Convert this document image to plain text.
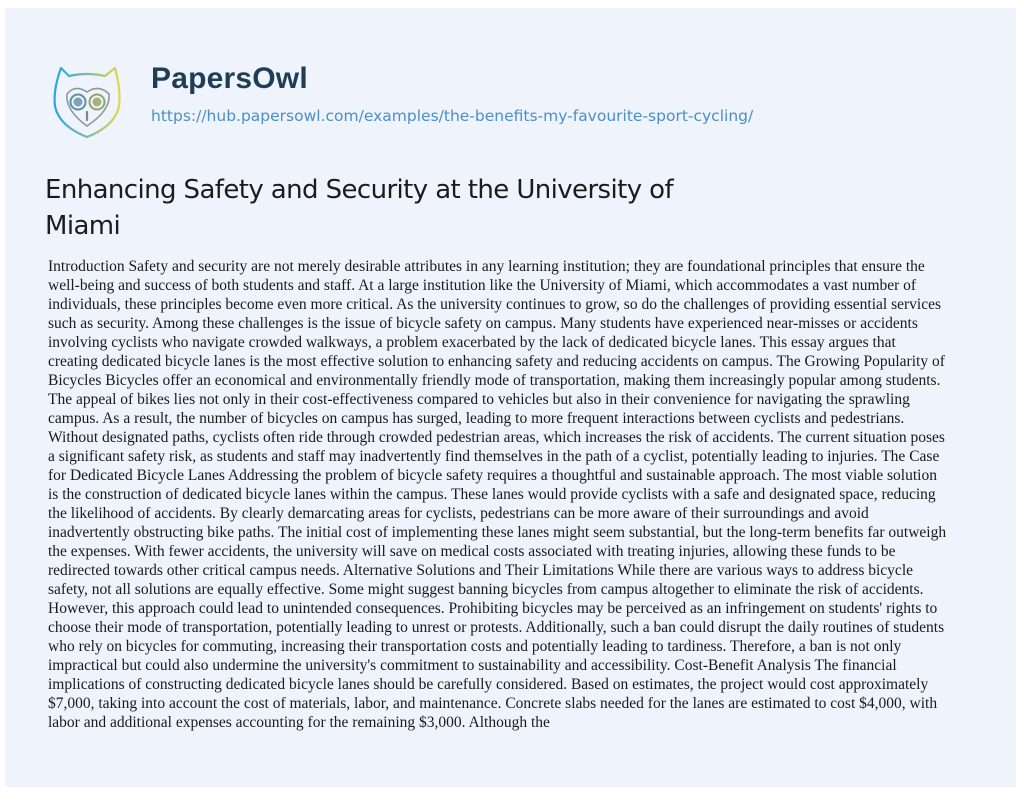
PapersOwl
https://hub.papersowl.com/examples/the-benefits-my-favourite-sport-cycling/
Enhancing Safety and Security at the University of Miami
Introduction Safety and security are not merely desirable attributes in any learning institution; they are foundational principles that ensure the
well-being and success of both students and staff. At a large institution like the University of Miami, which accommodates a vast number of
individuals, these principles become even more critical. As the university continues to grow, so do the challenges of providing essential services
such as security. Among these challenges is the issue of bicycle safety on campus. Many students have experienced near-misses or accidents
involving cyclists who navigate crowded walkways, a problem exacerbated by the lack of dedicated bicycle lanes. This essay argues that
creating dedicated bicycle lanes is the most effective solution to enhancing safety and reducing accidents on campus. The Growing Popularity of
Bicycles Bicycles offer an economical and environmentally friendly mode of transportation, making them increasingly popular among students.
The appeal of bikes lies not only in their cost-effectiveness compared to vehicles but also in their convenience for navigating the sprawling
campus. As a result, the number of bicycles on campus has surged, leading to more frequent interactions between cyclists and pedestrians.
Without designated paths, cyclists often ride through crowded pedestrian areas, which increases the risk of accidents. The current situation poses
a significant safety risk, as students and staff may inadvertently find themselves in the path of a cyclist, potentially leading to injuries. The Case
for Dedicated Bicycle Lanes Addressing the problem of bicycle safety requires a thoughtful and sustainable approach. The most viable solution
is the construction of dedicated bicycle lanes within the campus. These lanes would provide cyclists with a safe and designated space, reducing
the likelihood of accidents. By clearly demarcating areas for cyclists, pedestrians can be more aware of their surroundings and avoid
inadvertently obstructing bike paths. The initial cost of implementing these lanes might seem substantial, but the long-term benefits far outweigh
the expenses. With fewer accidents, the university will save on medical costs associated with treating injuries, allowing these funds to be
redirected towards other critical campus needs. Alternative Solutions and Their Limitations While there are various ways to address bicycle
safety, not all solutions are equally effective. Some might suggest banning bicycles from campus altogether to eliminate the risk of accidents.
However, this approach could lead to unintended consequences. Prohibiting bicycles may be perceived as an infringement on students' rights to
choose their mode of transportation, potentially leading to unrest or protests. Additionally, such a ban could disrupt the daily routines of students
who rely on bicycles for commuting, increasing their transportation costs and potentially leading to tardiness. Therefore, a ban is not only
impractical but could also undermine the university's commitment to sustainability and accessibility. Cost-Benefit Analysis The financial
implications of constructing dedicated bicycle lanes should be carefully considered. Based on estimates, the project would cost approximately
$7,000, taking into account the cost of materials, labor, and maintenance. Concrete slabs needed for the lanes are estimated to cost $4,000, with
labor and additional expenses accounting for the remaining $3,000. Although the
